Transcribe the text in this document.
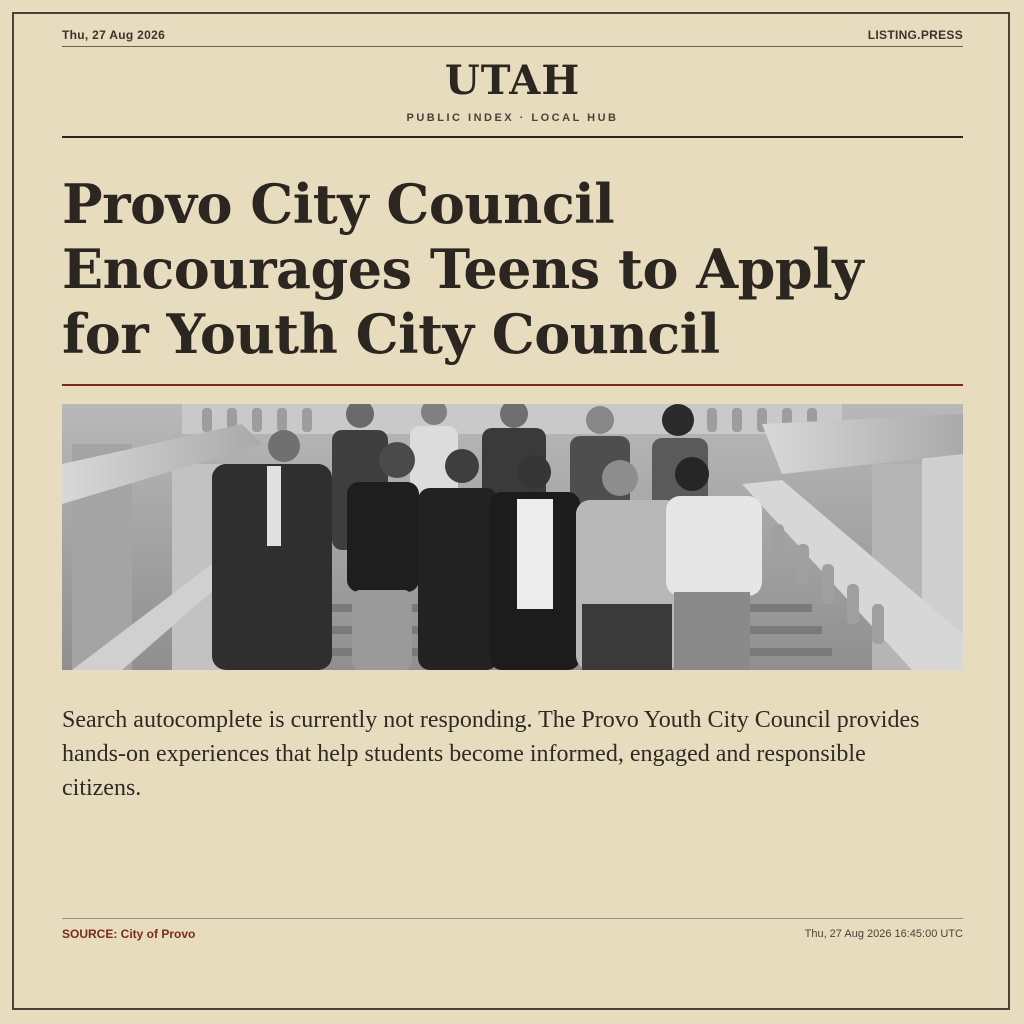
Thu, 27 Aug 2026	LISTING.PRESS
UTAH
PUBLIC INDEX · LOCAL HUB
Provo City Council Encourages Teens to Apply for Youth City Council

Search autocomplete is currently not responding. The Provo Youth City Council provides hands-on experiences that help students become informed, engaged and responsible citizens.

SOURCE: City of Provo	Thu, 27 Aug 2026 16:45:00 UTC
